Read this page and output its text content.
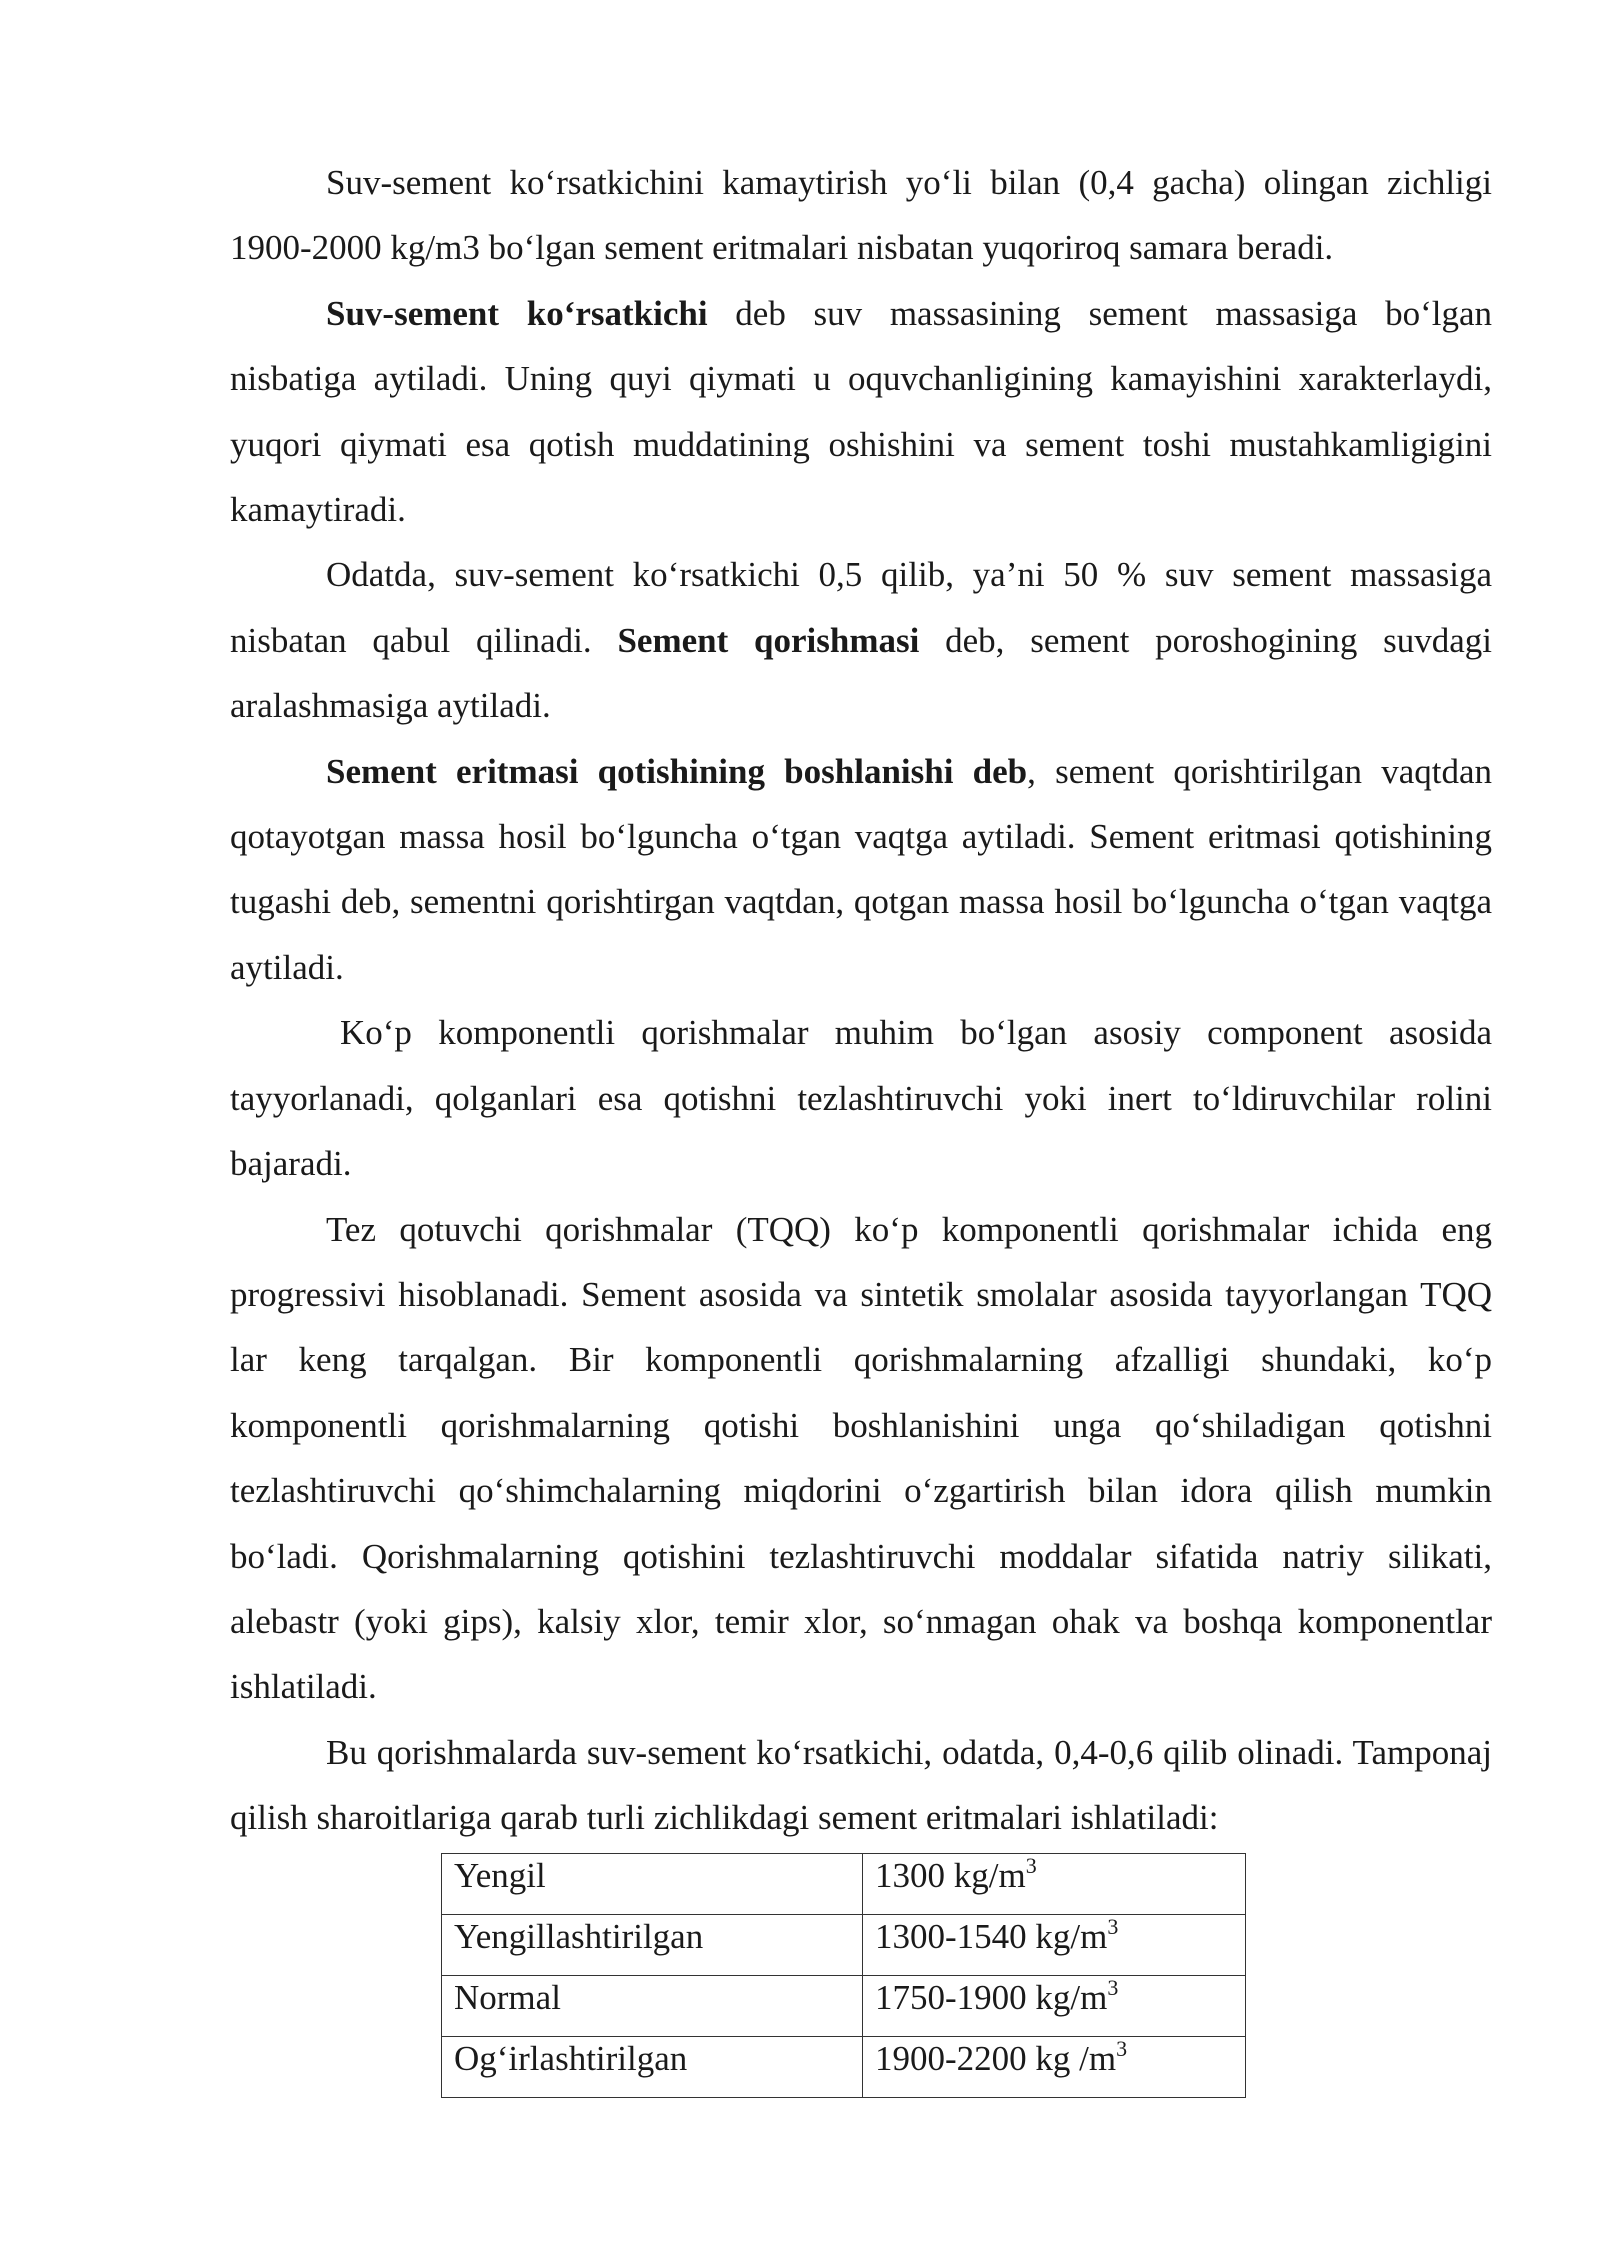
Suv-sement ko‘rsatkichini kamaytirish yo‘li bilan (0,4 gacha) olingan zichligi 1900-2000 kg/m3 bo‘lgan sement eritmalari nisbatan yuqoriroq samara beradi.

Suv-sement ko‘rsatkichi deb suv massasining sement massasiga bo‘lgan nisbatiga aytiladi. Uning quyi qiymati u oquvchanligining kamayishini xarakterlaydi, yuqori qiymati esa qotish muddatining oshishini va sement toshi mustahkamligigini kamaytiradi.

Odatda, suv-sement ko‘rsatkichi 0,5 qilib, ya’ni 50 % suv sement massasiga nisbatan qabul qilinadi. Sement qorishmasi deb, sement poroshogining suvdagi aralashmasiga aytiladi.

Sement eritmasi qotishining boshlanishi deb, sement qorishtirilgan vaqtdan qotayotgan massa hosil bo‘lguncha o‘tgan vaqtga aytiladi. Sement eritmasi qotishining tugashi deb, sementni qorishtirgan vaqtdan, qotgan massa hosil bo‘lguncha o‘tgan vaqtga aytiladi.

Ko‘p komponentli qorishmalar muhim bo‘lgan asosiy component asosida tayyorlanadi, qolganlari esa qotishni tezlashtiruvchi yoki inert to‘ldiruvchilar rolini bajaradi.

Tez qotuvchi qorishmalar (TQQ) ko‘p komponentli qorishmalar ichida eng progressivi hisoblanadi. Sement asosida va sintetik smolalar asosida tayyorlangan TQQ lar keng tarqalgan. Bir komponentli qorishmalarning afzalligi shundaki, ko‘p komponentli qorishmalarning qotishi boshlanishini unga qo‘shiladigan qotishni tezlashtiruvchi qo‘shimchalarning miqdorini o‘zgartirish bilan idora qilish mumkin bo‘ladi. Qorishmalarning qotishini tezlashtiruvchi moddalar sifatida natriy silikati, alebastr (yoki gips), kalsiy xlor, temir xlor, so‘nmagan ohak va boshqa komponentlar ishlatiladi.

Bu qorishmalarda suv-sement ko‘rsatkichi, odatda, 0,4-0,6 qilib olinadi. Tamponaj qilish sharoitlariga qarab turli zichlikdagi sement eritmalari ishlatiladi:

Yengil	1300 $kg/m^3$
Yengillashtirilgan	1300-1540 $kg/m^3$
Normal	1750-1900 $kg/m^3$
Og‘irlashtirilgan	1900-2200 kg $/m^3$
